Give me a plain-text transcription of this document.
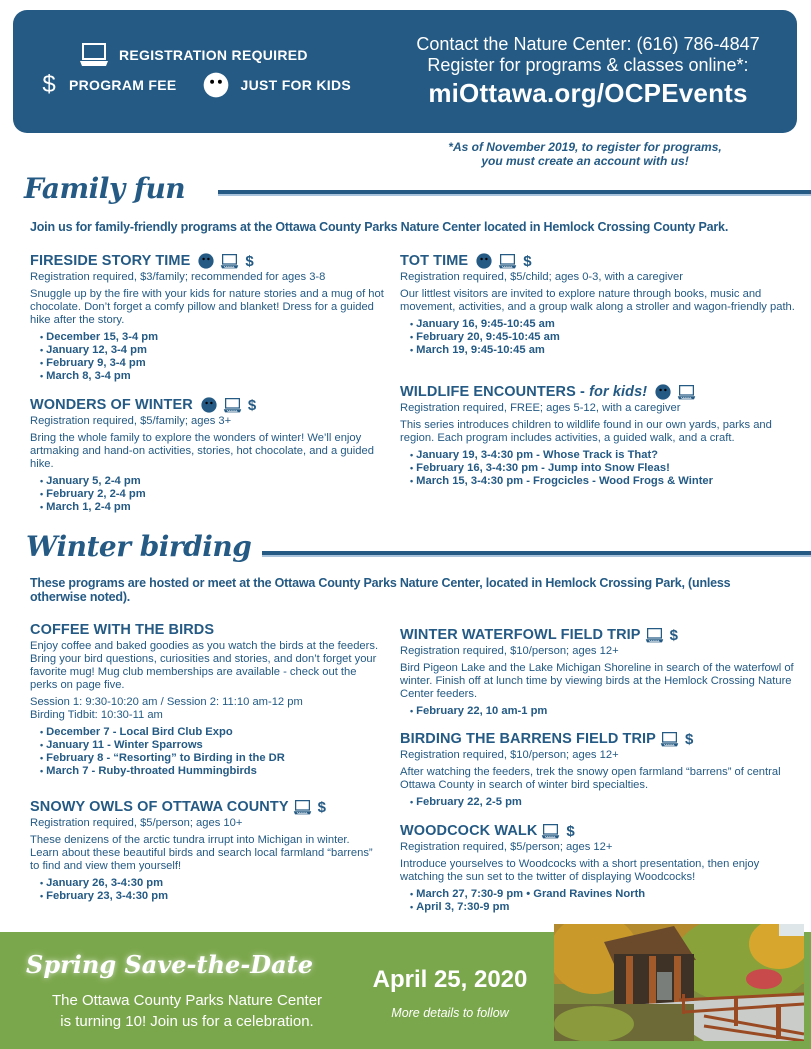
REGISTRATION REQUIRED
$ PROGRAM FEE	JUST FOR KIDS
Contact the Nature Center: (616) 786-4847
Register for programs & classes online*:
miOttawa.org/OCPEvents
*As of November 2019, to register for programs,
you must create an account with us!
Family fun
Join us for family-friendly programs at the Ottawa County Parks Nature Center located in Hemlock Crossing County Park.
FIRESIDE STORY TIME	$
Registration required, $3/family; recommended for ages 3-8
Snuggle up by the fire with your kids for nature stories and a mug of hot chocolate. Don’t forget a comfy pillow and blanket! Dress for a guided hike after the story.
• December 15, 3-4 pm
• January 12, 3-4 pm
• February 9, 3-4 pm
• March 8, 3-4 pm
WONDERS OF WINTER	$
Registration required, $5/family; ages 3+
Bring the whole family to explore the wonders of winter! We’ll enjoy artmaking and hand-on activities, stories, hot chocolate, and a guided hike.
• January 5, 2-4 pm
• February 2, 2-4 pm
• March 1, 2-4 pm
TOT TIME	$
Registration required, $5/child; ages 0-3, with a caregiver
Our littlest visitors are invited to explore nature through books, music and movement, activities, and a group walk along a stroller and wagon-friendly path.
• January 16, 9:45-10:45 am
• February 20, 9:45-10:45 am
• March 19, 9:45-10:45 am
WILDLIFE ENCOUNTERS -
for kids!
Registration required, FREE; ages 5-12, with a caregiver
This series introduces children to wildlife found in our own yards, parks and region. Each program includes activities, a guided walk, and a craft.
• January 19, 3-4:30 pm - Whose Track is That?
• February 16, 3-4:30 pm - Jump into Snow Fleas!
• March 15, 3-4:30 pm - Frogcicles - Wood Frogs & Winter
Winter birding
These programs are hosted or meet at the Ottawa County Parks Nature Center, located in Hemlock Crossing Park, (unless otherwise noted).
COFFEE WITH THE BIRDS
Enjoy coffee and baked goodies as you watch the birds at the feeders. Bring your bird questions, curiosities and stories, and don’t forget your favorite mug! Mug club memberships are available - check out the perks on page five.
Session 1: 9:30-10:20 am / Session 2: 11:10 am-12 pm
Birding Tidbit: 10:30-11 am
• December 7 - Local Bird Club Expo
• January 11 - Winter Sparrows
• February 8 - “Resorting” to Birding in the DR
• March 7 - Ruby-throated Hummingbirds
SNOWY OWLS OF OTTAWA COUNTY $
Registration required, $5/person; ages 10+
These denizens of the arctic tundra irrupt into Michigan in winter. Learn about these beautiful birds and search local farmland “barrens” to find and view them yourself!
• January 26, 3-4:30 pm
• February 23, 3-4:30 pm
WINTER WATERFOWL FIELD TRIP $
Registration required, $10/person; ages 12+
Bird Pigeon Lake and the Lake Michigan Shoreline in search of the waterfowl of winter. Finish off at lunch time by viewing birds at the Hemlock Crossing Nature Center feeders.
• February 22, 10 am-1 pm
BIRDING THE BARRENS FIELD TRIP $
Registration required, $10/person; ages 12+
After watching the feeders, trek the snowy open farmland “barrens” of central Ottawa County in search of winter bird specialties.
• February 22, 2-5 pm
WOODCOCK WALK $
Registration required, $5/person; ages 12+
Introduce yourselves to Woodcocks with a short presentation, then enjoy watching the sun set to the twitter of displaying Woodcocks!
• March 27, 7:30-9 pm • Grand Ravines North
• April 3, 7:30-9 pm
Spring Save-the-Date
The Ottawa County Parks Nature Center
is turning 10! Join us for a celebration.
April 25, 2020
More details to follow
